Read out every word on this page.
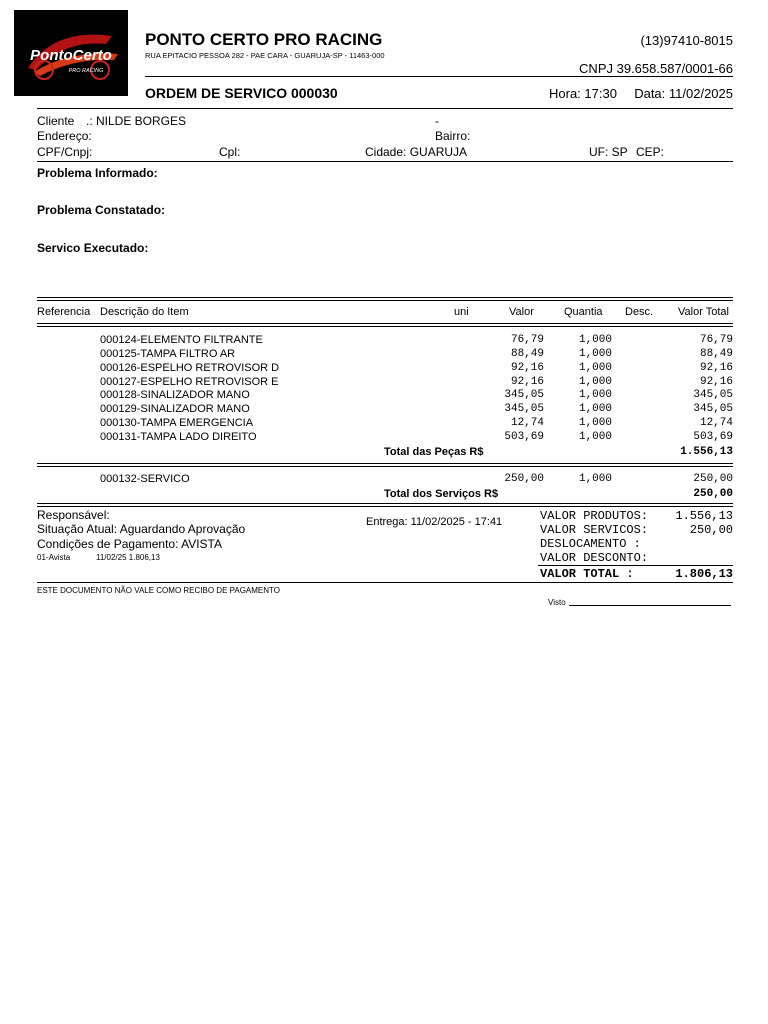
PontoCerto
PRO RACING
PONTO CERTO PRO RACING
RUA EPITACIO PESSOA 282 - PAE CARA - GUARUJA-SP - 11463-000
(13)97410-8015
CNPJ 39.658.587/0001-66
ORDEM DE SERVICO 000030	Hora: 17:30 Data: 11/02/2025
Cliente .: NILDE BORGES	-
Endereço:	Bairro:
CPF/Cnpj:	Cpl:	Cidade: GUARUJA	UF: SP CEP:
Problema Informado:
Problema Constatado:
Servico Executado:
Referencia Descrição do Item	uni	Valor	Quantia Desc. Valor Total
000124-ELEMENTO FILTRANTE	76,79	1,000	76,79
000125-TAMPA FILTRO AR	88,49	1,000	88,49
000126-ESPELHO RETROVISOR D	92,16	1,000	92,16
000127-ESPELHO RETROVISOR E	92,16	1,000	92,16
000128-SINALIZADOR MANO	345,05	1,000	345,05
000129-SINALIZADOR MANO	345,05	1,000	345,05
000130-TAMPA EMERGENCIA	12,74	1,000	12,74
000131-TAMPA LADO DIREITO	503,69	1,000	503,69
Total das Peças R$	1.556,13
000132-SERVICO	250,00	1,000	250,00
Total dos Serviços R$	250,00
Responsável:
Situação Atual: Aguardando Aprovação
Condições de Pagamento: AVISTA
01-Avista	11/02/25 1.806,13
Entrega: 11/02/2025 - 17:41	VALOR PRODUTOS: 1.556,13
VALOR SERVICOS:	250,00
DESLOCAMENTO :
VALOR DESCONTO:
VALOR TOTAL :	1.806,13
ESTE DOCUMENTO NÃO VALE COMO RECIBO DE PAGAMENTO
Visto
